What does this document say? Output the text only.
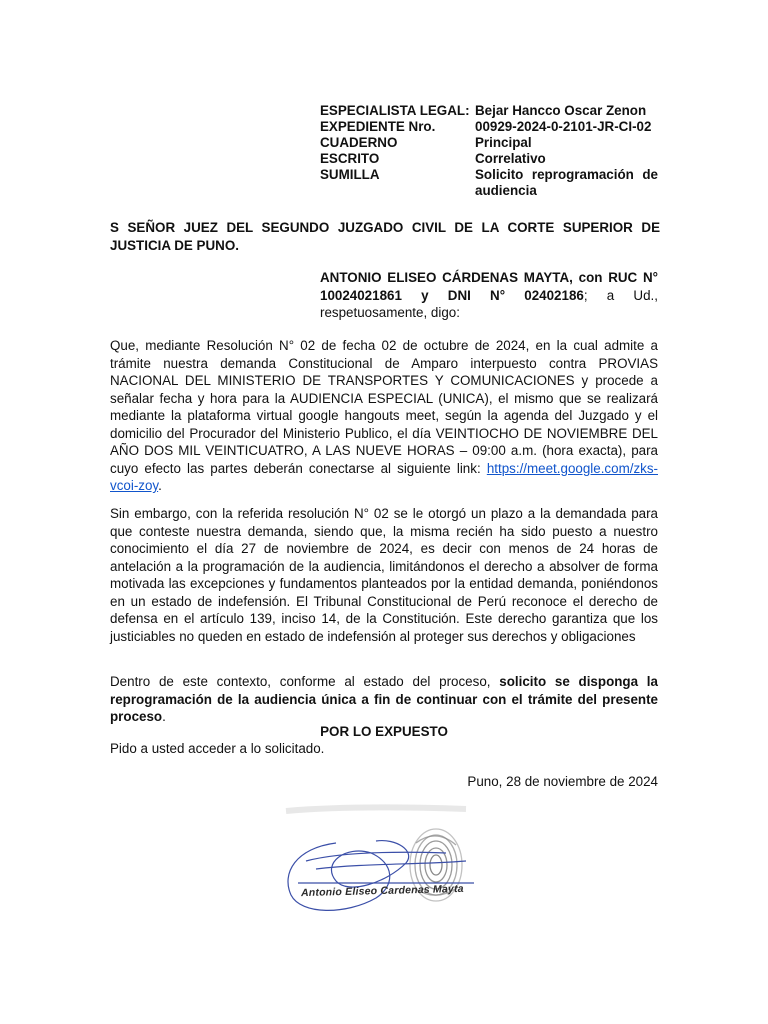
ESPECIALISTA LEGAL: Bejar Hancco Oscar Zenon
EXPEDIENTE Nro.	00929-2024-0-2101-JR-CI-02
CUADERNO	Principal
ESCRITO	Correlativo
SUMILLA	Solicito reprogramación de
audiencia
S SEÑOR JUEZ DEL SEGUNDO JUZGADO CIVIL DE LA CORTE SUPERIOR DE JUSTICIA DE PUNO.
ANTONIO ELISEO CÁRDENAS MAYTA, con RUC N° 10024021861 y DNI N° 02402186; a Ud., respetuosamente, digo:
Que, mediante Resolución N° 02 de fecha 02 de octubre de 2024, en la cual admite a trámite nuestra demanda Constitucional de Amparo interpuesto contra PROVIAS NACIONAL DEL MINISTERIO DE TRANSPORTES Y COMUNICACIONES y procede a señalar fecha y hora para la AUDIENCIA ESPECIAL (UNICA), el mismo que se realizará mediante la plataforma virtual google hangouts meet, según la agenda del Juzgado y el domicilio del Procurador del Ministerio Publico, el día VEINTIOCHO DE NOVIEMBRE DEL AÑO DOS MIL VEINTICUATRO, A LAS NUEVE HORAS – 09:00 a.m. (hora exacta), para cuyo efecto las partes deberán conectarse al siguiente link: https://meet.google.com/zks-vcoi-zoy.
Sin embargo, con la referida resolución N° 02 se le otorgó un plazo a la demandada para que conteste nuestra demanda, siendo que, la misma recién ha sido puesto a nuestro conocimiento el día 27 de noviembre de 2024, es decir con menos de 24 horas de antelación a la programación de la audiencia, limitándonos el derecho a absolver de forma motivada las excepciones y fundamentos planteados por la entidad demanda, poniéndonos en un estado de indefensión. El Tribunal Constitucional de Perú reconoce el derecho de defensa en el artículo 139, inciso 14, de la Constitución. Este derecho garantiza que los justiciables no queden en estado de indefensión al proteger sus derechos y obligaciones
Dentro de este contexto, conforme al estado del proceso, solicito se disponga la reprogramación de la audiencia única a fin de continuar con el trámite del presente proceso.
POR LO EXPUESTO
Pido a usted acceder a lo solicitado.
Puno, 28 de noviembre de 2024
Antonio Eliseo Cardenas Mayta
